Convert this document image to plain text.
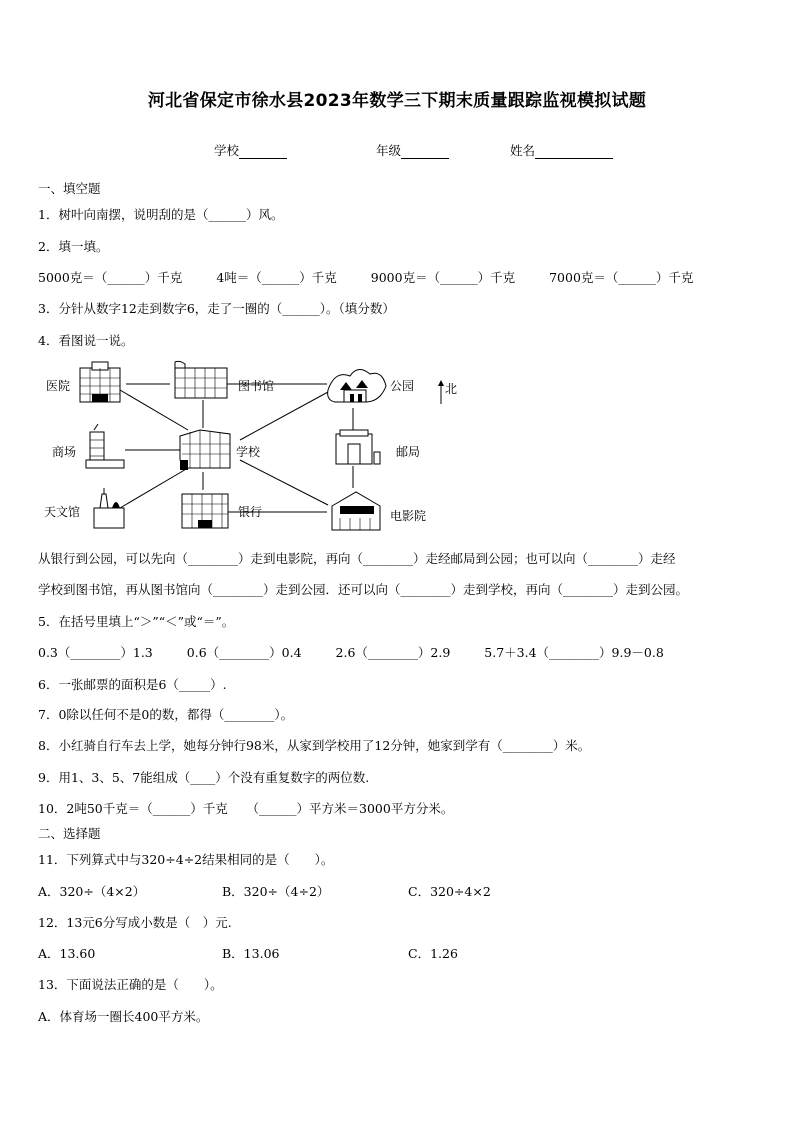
河北省保定市徐水县2023年数学三下期末质量跟踪监视模拟试题
学校	年级	姓名
一、填空题
1．树叶向南摆，说明刮的是（______）风。
2．填一填。
5000克＝（______）千克	4吨＝（______）千克	9000克＝（______）千克	7000克＝（______）千克
3．分针从数字12走到数字6，走了一圈的（______）。（填分数）
4．看图说一说。
医院	图书馆	公园	北
商场	学校	邮局
天文馆	银行	电影院
从银行到公园，可以先向（________）走到电影院，再向（________）走经邮局到公园；也可以向（________）走经
学校到图书馆，再从图书馆向（________）走到公园．还可以向（________）走到学校，再向（________）走到公园。
5．在括号里填上“＞”“＜”或“＝”。
0.3（________）1.3	0.6（________）0.4	2.6（________）2.9	5.7＋3.4（________）9.9－0.8
6．一张邮票的面积是6（_____）.
7．0除以任何不是0的数，都得（________）。
8．小红骑自行车去上学，她每分钟行98米，从家到学校用了12分钟，她家到学有（________）米。
9．用1、3、5、7能组成（____）个没有重复数字的两位数.
10．2吨50千克＝（______）千克　　（______）平方米＝3000平方分米。
二、选择题
11．下列算式中与320÷4÷2结果相同的是（　　）。
A．320÷（4×2）	B．320÷（4÷2）	C．320÷4×2
12．13元6分写成小数是（　）元.
A．13.60	B．13.06	C．1.26
13．下面说法正确的是（　　）。
A．体育场一圈长400平方米。
